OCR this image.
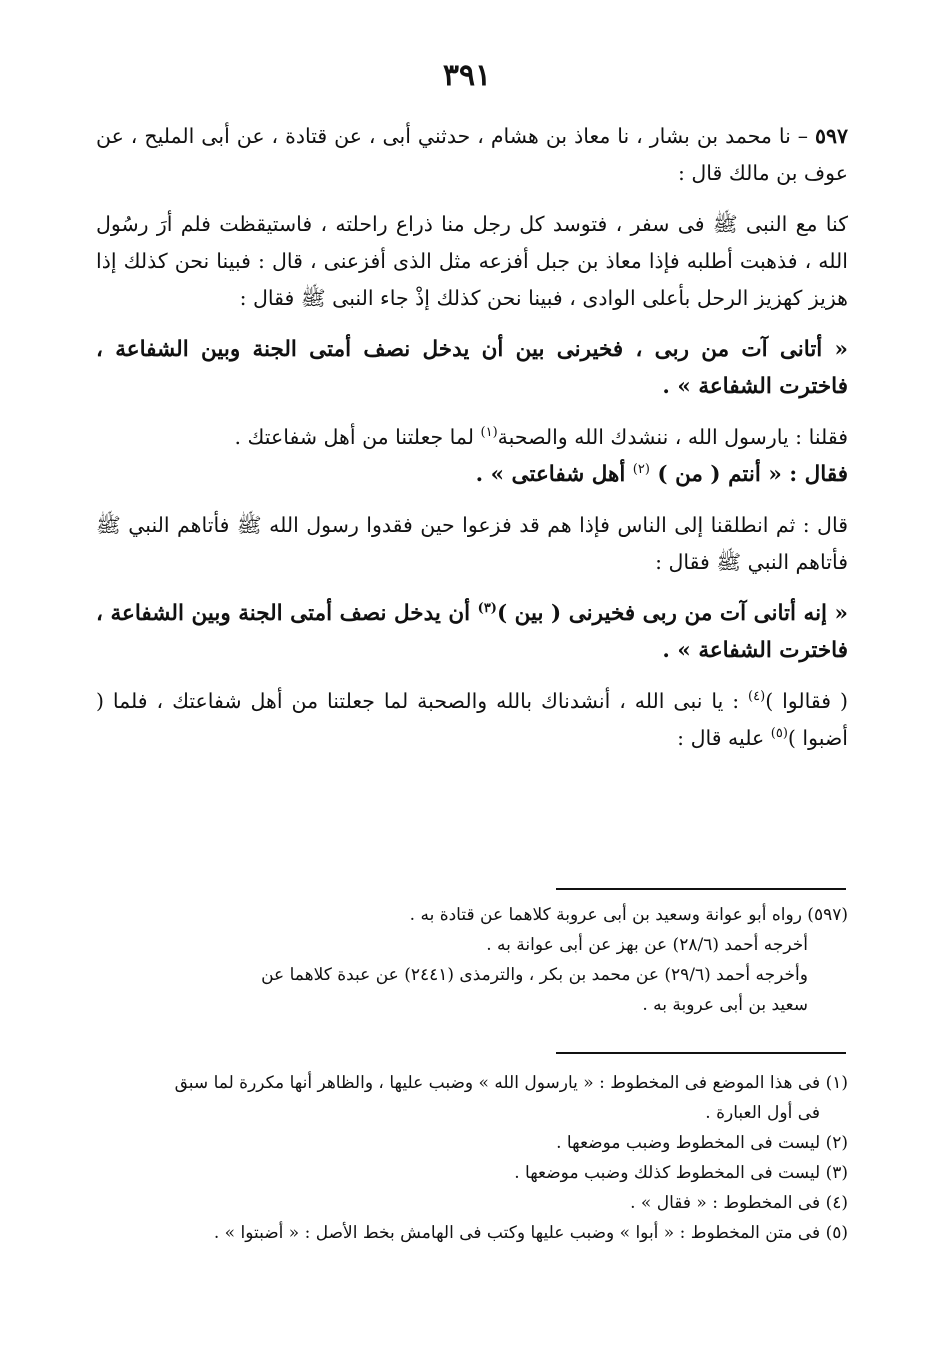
٣٩١

٥٩٧ – نا محمد بن بشار ، نا معاذ بن هشام ، حدثني أبى ، عن قتادة ، عن أبى المليح ، عن عوف بن مالك قال :

كنا مع النبى ﷺ فى سفر ، فتوسد كل رجل منا ذراع راحلته ، فاستيقظت فلم أرَ رسُول الله ، فذهبت أطلبه فإذا معاذ بن جبل أفزعه مثل الذى أفزعنى ، قال : فبينا نحن كذلك إذا هزيز كهزيز الرحل بأعلى الوادى ، فبينا نحن كذلك إذْ جاء النبى ﷺ فقال :

« أتانى آت من ربى ، فخيرنى بين أن يدخل نصف أمتى الجنة وبين الشفاعة ، فاخترت الشفاعة » .

فقلنا : يارسول الله ، ننشدك الله والصحبة$^{(١)}$ لما جعلتنا من أهل شفاعتك .
فقال : « أنتم ( من ) $^{(٢)}$ أهل شفاعتى » .

قال : ثم انطلقنا إلى الناس فإذا هم قد فزعوا حين فقدوا رسول الله ﷺ فأتاهم النبي ﷺ فأتاهم النبي ﷺ فقال :

« إنه أتانى آت من ربى فخيرنى ( بين )$^{(٣)}$ أن يدخل نصف أمتى الجنة وبين الشفاعة ، فاخترت الشفاعة » .

( فقالوا )$^{(٤)}$ : يا نبى الله ، أنشدناك بالله والصحبة لما جعلتنا من أهل شفاعتك ، فلما ( أضبوا )$^{(٥)}$ عليه قال :

(٥٩٧) رواه أبو عوانة وسعيد بن أبى عروبة كلاهما عن قتادة به .

أخرجه أحمد (٢٨/٦) عن بهز عن أبى عوانة به .

وأخرجه أحمد (٢٩/٦) عن محمد بن بكر ، والترمذى (٢٤٤١) عن عبدة كلاهما عن

سعيد بن أبى عروبة به .

(١) فى هذا الموضع فى المخطوط : « يارسول الله » وضبب عليها ، والظاهر أنها مكررة لما سبق

فى أول العبارة .

(٢) ليست فى المخطوط وضبب موضعها .

(٣) ليست فى المخطوط كذلك وضبب موضعها .

(٤) فى المخطوط : « فقال » .

(٥) فى متن المخطوط : « أبوا » وضبب عليها وكتب فى الهامش بخط الأصل : « أضبتوا » .
